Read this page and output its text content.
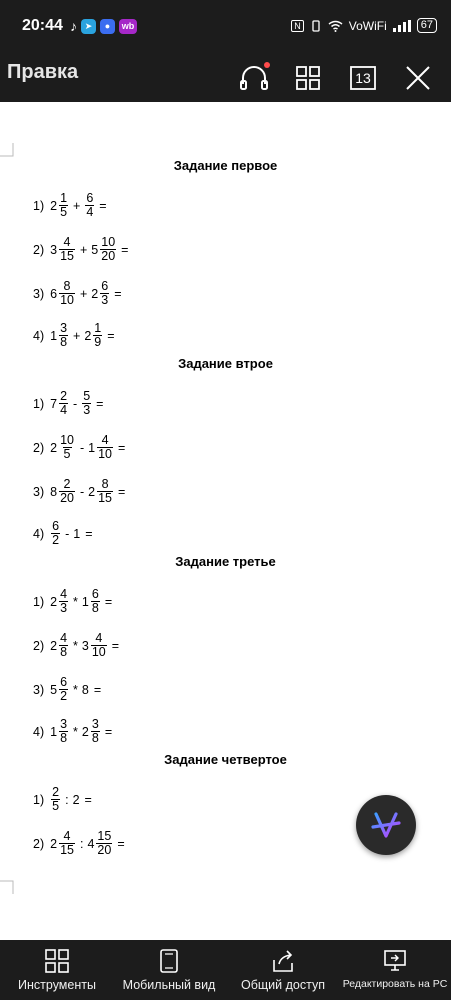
20:44 ♪ ➤	●	wb	N	VoWiFi	67
Правка	13
Задание первое
1) $2 \frac{1}{5} + \frac{6}{4}$ =
2) $3 \frac{4}{15} + 5 \frac{10}{20}$ =
3) $6 \frac{8}{10} + 2 \frac{6}{3}$ =
4) $1 \frac{3}{8} + 2 \frac{1}{9}$ =
Задание втрое
1) $7 \frac{2}{4} - \frac{5}{3}$ =
2) $2 \frac{10}{5} - 1 \frac{4}{10}$ =
3) $8 \frac{2}{20} - 2 \frac{8}{15}$ =
$4) \frac{6}{2} - 1$ =
Задание третье
1) $2 \frac{4}{3} * 1 \frac{6}{8}$ =
2) $2 \frac{4}{8} * 3 \frac{4}{10}$ =
3) $5 \frac{6}{2} * 8$ =
4) $1 \frac{3}{8} * 2 \frac{3}{8}$ =
Задание четвертое
$1) \frac{2}{5}$ : 2 =
2) $2 \frac{4}{15}$ : $4 \frac{15}{20}$ =
Инструменты Мобильный вид Общий доступ Редактировать на PC
